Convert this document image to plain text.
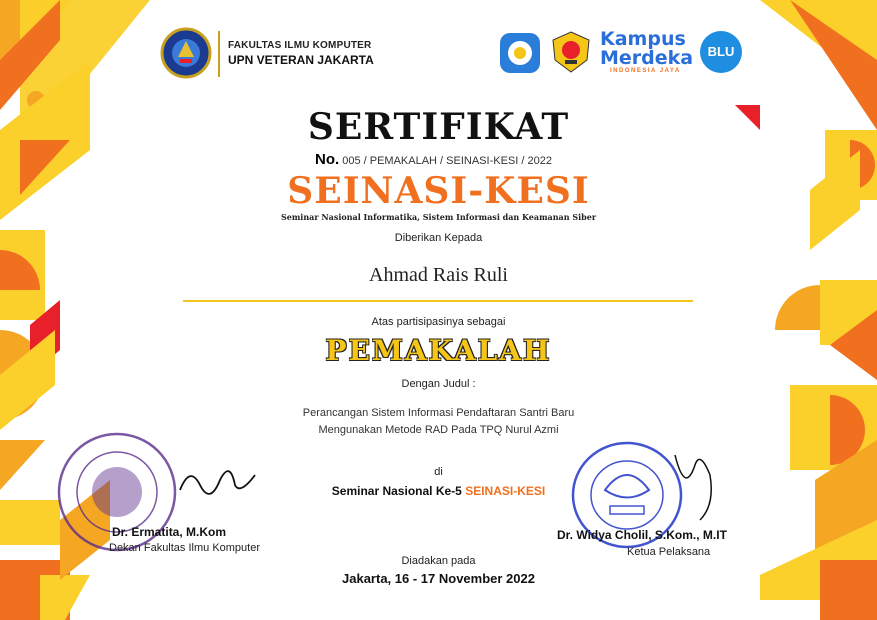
FAKULTAS ILMU KOMPUTER
UPN VETERAN JAKARTA
Kampus
Merdeka
INDONESIA JAYA
BLU
SERTIFIKAT
No. 005 / PEMAKALAH / SEINASI-KESI / 2022
SEINASI-KESI
Seminar Nasional Informatika, Sistem Informasi dan Keamanan Siber
Diberikan Kepada
Ahmad Rais Ruli
Atas partisipasinya sebagai
PEMAKALAH
Dengan Judul :
Perancangan Sistem Informasi Pendaftaran Santri Baru
Mengunakan Metode RAD Pada TPQ Nurul Azmi
di
Seminar Nasional Ke-5 SEINASI-KESI
Dr. Ermatita, M.Kom
Dekan Fakultas Ilmu Komputer
Dr. Widya Cholil, S.Kom., M.IT
Ketua Pelaksana
Diadakan pada
Jakarta, 16 - 17 November 2022
